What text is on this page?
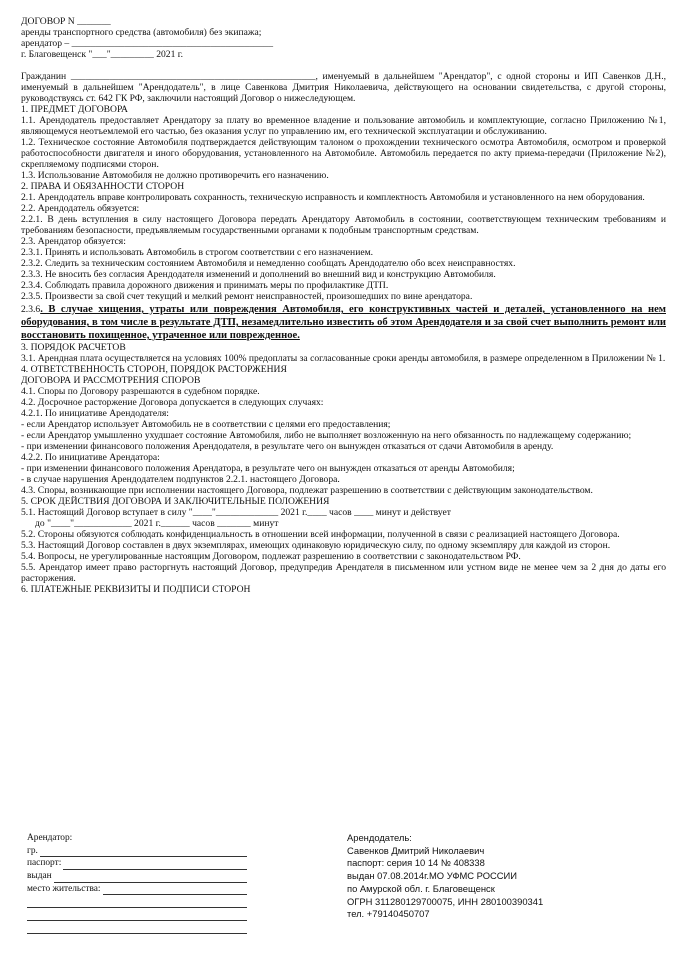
ДОГОВОР N _______

аренды транспортного средства (автомобиля) без экипажа;

арендатор – __________________________________________

г. Благовещенск "___"_________ 2021 г.

Гражданин ___________________________________________________, именуемый в дальнейшем "Арендатор", с одной стороны и ИП Савенков Д.Н., именуемый в дальнейшем "Арендодатель", в лице Савенкова Дмитрия Николаевича, действующего на основании свидетельства, с другой стороны, руководствуясь ст. 642 ГК РФ, заключили настоящий Договор о нижеследующем.

1. ПРЕДМЕТ ДОГОВОРА

1.1. Арендодатель предоставляет Арендатору за плату во временное владение и пользование автомобиль и комплектующие, согласно Приложению №1, являющемуся неотъемлемой его частью, без оказания услуг по управлению им, его технической эксплуатации и обслуживанию.

1.2. Техническое состояние Автомобиля подтверждается действующим талоном о прохождении технического осмотра Автомобиля, осмотром и проверкой работоспособности двигателя и иного оборудования, установленного на Автомобиле. Автомобиль передается по акту приема-передачи (Приложение №2), скрепляемому подписями сторон.

1.3. Использование Автомобиля не должно противоречить его назначению.

2. ПРАВА И ОБЯЗАННОСТИ СТОРОН

2.1. Арендодатель вправе контролировать сохранность, техническую исправность и комплектность Автомобиля и установленного на нем оборудования.

2.2. Арендодатель обязуется:

2.2.1. В день вступления в силу настоящего Договора передать Арендатору Автомобиль в состоянии, соответствующем техническим требованиям и требованиям безопасности, предъявляемым государственными органами к подобным транспортным средствам.

2.3. Арендатор обязуется:

2.3.1. Принять и использовать Автомобиль в строгом соответствии с его назначением.

2.3.2. Следить за техническим состоянием Автомобиля и немедленно сообщать Арендодателю обо всех неисправностях.

2.3.3. Не вносить без согласия Арендодателя изменений и дополнений во внешний вид и конструкцию Автомобиля.

2.3.4. Соблюдать правила дорожного движения и принимать меры по профилактике ДТП.

2.3.5. Произвести за свой счет текущий и мелкий ремонт неисправностей, произошедших по вине арендатора.

2.3.6. В случае хищения, утраты или повреждения Автомобиля, его конструктивных частей и деталей, установленного на нем оборудования, в том числе в результате ДТП, незамедлительно известить об этом Арендодателя и за свой счет выполнить ремонт или восстановить похищенное, утраченное или поврежденное.

3. ПОРЯДОК РАСЧЕТОВ

3.1. Арендная плата осуществляется на условиях 100% предоплаты за согласованные сроки аренды автомобиля, в размере определенном в Приложении № 1.

4. ОТВЕТСТВЕННОСТЬ СТОРОН, ПОРЯДОК РАСТОРЖЕНИЯ

ДОГОВОРА И РАССМОТРЕНИЯ СПОРОВ

4.1. Споры по Договору разрешаются в судебном порядке.

4.2. Досрочное расторжение Договора допускается в следующих случаях:

4.2.1. По инициативе Арендодателя:

- если Арендатор использует Автомобиль не в соответствии с целями его предоставления;

- если Арендатор умышленно ухудшает состояние Автомобиля, либо не выполняет возложенную на него обязанность по надлежащему содержанию;

- при изменении финансового положения Арендодателя, в результате чего он вынужден отказаться от сдачи Автомобиля в аренду.

4.2.2. По инициативе Арендатора:

- при изменении финансового положения Арендатора, в результате чего он вынужден отказаться от аренды Автомобиля;

- в случае нарушения Арендодателем подпунктов 2.2.1. настоящего Договора.

4.3. Споры, возникающие при исполнении настоящего Договора, подлежат разрешению в соответствии с действующим законодательством.

5. СРОК ДЕЙСТВИЯ ДОГОВОРА И ЗАКЛЮЧИТЕЛЬНЫЕ ПОЛОЖЕНИЯ

5.1. Настоящий Договор вступает в силу "____"_____________ 2021 г.____ часов ____ минут и действует

до "____"____________ 2021 г.______ часов _______ минут

5.2. Стороны обязуются соблюдать конфиденциальность в отношении всей информации, полученной в связи с реализацией настоящего Договора.

5.3. Настоящий Договор составлен в двух экземплярах, имеющих одинаковую юридическую силу, по одному экземпляру для каждой из сторон.

5.4. Вопросы, не урегулированные настоящим Договором, подлежат разрешению в соответствии с законодательством РФ.

5.5. Арендатор имеет право расторгнуть настоящий Договор, предупредив Арендателя в письменном или устном виде не менее чем за 2 дня до даты его расторжения.

6. ПЛАТЕЖНЫЕ РЕКВИЗИТЫ И ПОДПИСИ СТОРОН

Арендатор:
гр.
паспорт:
выдан
место жительства:
Арендодатель:
Савенков Дмитрий Николаевич
паспорт: серия 10 14 № 408338
выдан 07.08.2014г.МО УФМС РОССИИ
по Амурской обл. г. Благовещенск
ОГРН 311280129700075, ИНН 280100390341
тел. +79140450707
